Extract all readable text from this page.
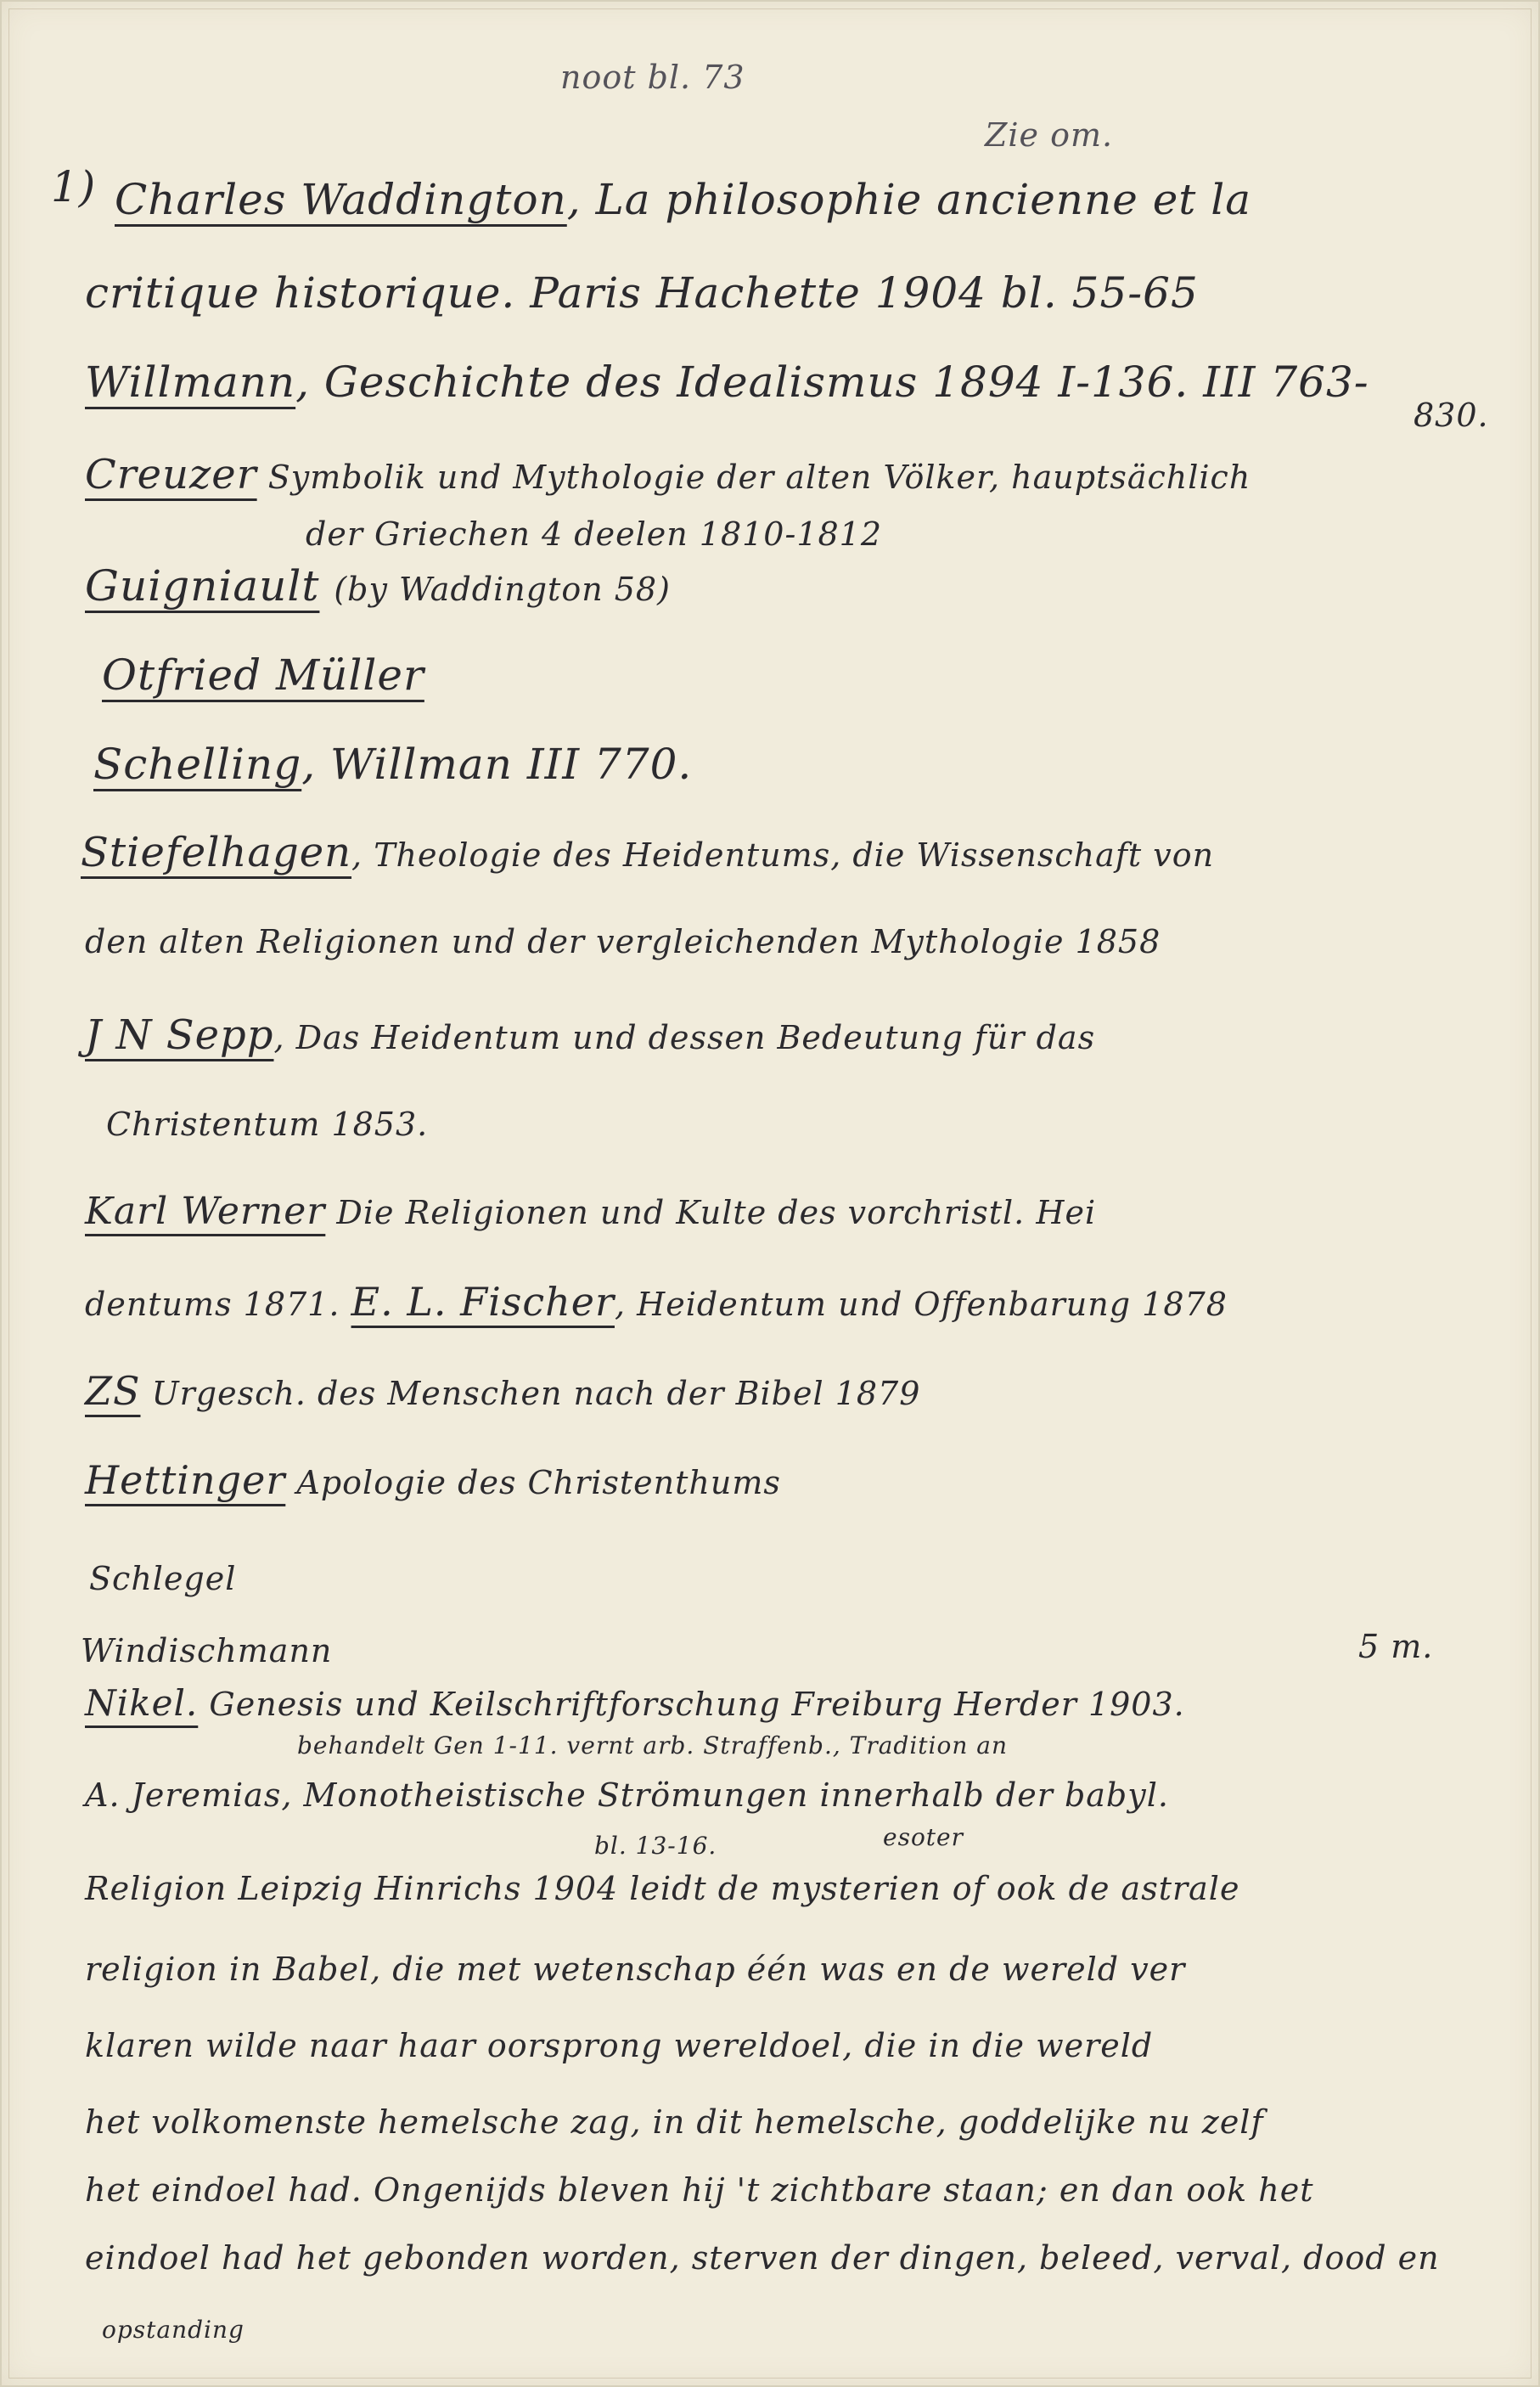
noot bl. 73
Zie om.
1) Charles Waddington, La philosophie ancienne et la
critique historique. Paris Hachette 1904 bl. 55-65
Willmann, Geschichte des Idealismus 1894 I-136. III 763-
830.
Creuzer Symbolik und Mythologie der alten Völker, hauptsächlich
der Griechen 4 deelen 1810-1812
Guigniault (by Waddington 58)
Otfried Müller
Schelling, Willman III 770.
Stiefelhagen, Theologie des Heidentums, die Wissenschaft von
den alten Religionen und der vergleichenden Mythologie 1858
J N Sepp, Das Heidentum und dessen Bedeutung für das
Christentum 1853.
Karl Werner Die Religionen und Kulte des vorchristl. Hei
dentums 1871. E. L. Fischer, Heidentum und Offenbarung 1878
ZS Urgesch. des Menschen nach der Bibel 1879
Hettinger Apologie des Christenthums
Schlegel
Windischmann
Nikel. Genesis und Keilschriftforschung Freiburg Herder 1903.
5 m.
behandelt Gen 1-11. vernt arb. Straffenb., Tradition an
A. Jeremias, Monotheistische Strömungen innerhalb der babyl.
bl. 13-16.	esoter
Religion Leipzig Hinrichs 1904 leidt de mysterien of ook de astrale
religion in Babel, die met wetenschap één was en de wereld ver
klaren wilde naar haar oorsprong wereldoel, die in die wereld
het volkomenste hemelsche zag, in dit hemelsche, goddelijke nu zelf
het eindoel had. Ongenijds bleven hij 't zichtbare staan; en dan ook het
eindoel had het gebonden worden, sterven der dingen, beleed, verval, dood en
opstanding
